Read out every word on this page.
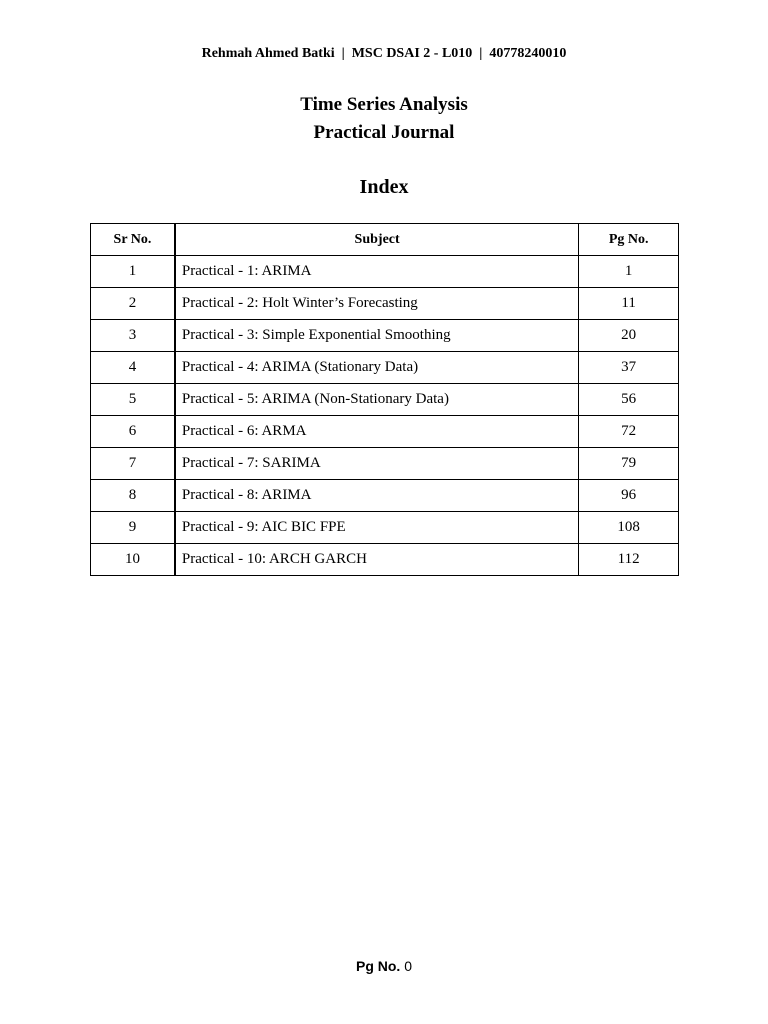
Rehmah Ahmed Batki  |  MSC DSAI 2 - L010  |  40778240010
Time Series Analysis
Practical Journal
Index
Sr No.	Subject	Pg No.
1	Practical - 1: ARIMA	1
2	Practical - 2: Holt Winter’s Forecasting	11
3	Practical - 3: Simple Exponential Smoothing	20
4	Practical - 4: ARIMA (Stationary Data)	37
5	Practical - 5: ARIMA (Non-Stationary Data)	56
6	Practical - 6: ARMA	72
7	Practical - 7: SARIMA	79
8	Practical - 8: ARIMA	96
9	Practical - 9: AIC BIC FPE	108
10	Practical - 10: ARCH GARCH	112
Pg No. 0
